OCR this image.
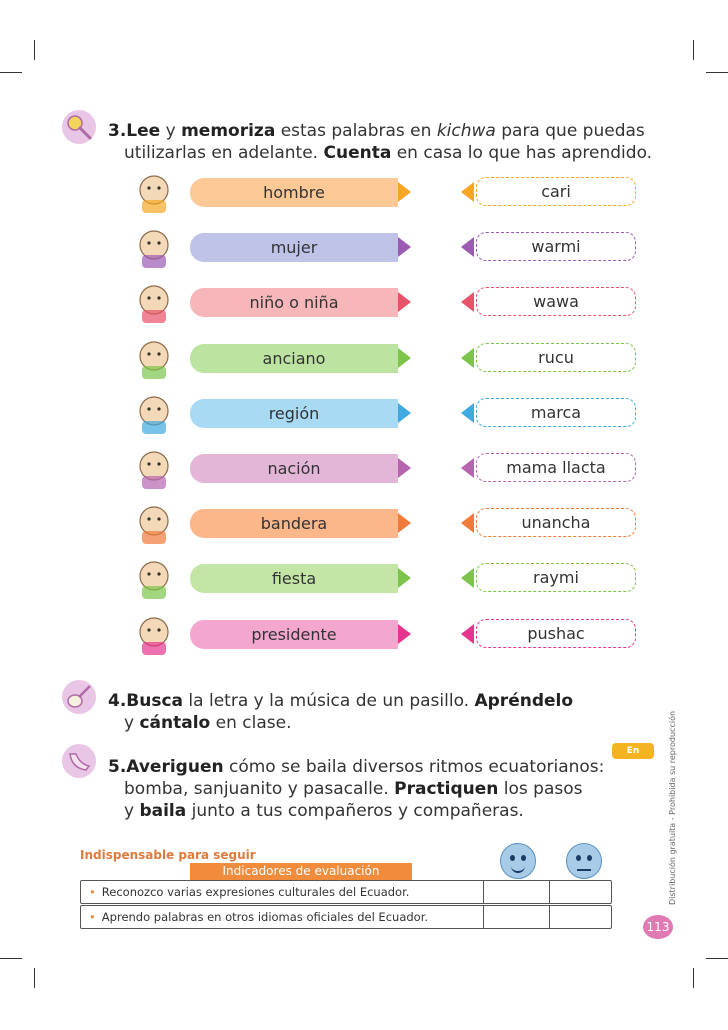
3.Lee y memoriza estas palabras en kichwa para que puedas
utilizarlas en adelante. Cuenta en casa lo que has aprendido.
hombre	cari
mujer	warmi
niño o niña	wawa
anciano	rucu
región	marca
nación	mama llacta
bandera	unancha
fiesta	raymi
presidente	pushac
4.Busca la letra y la música de un pasillo. Apréndelo
y cántalo en clase.
En pareja
5.Averiguen cómo se baila diversos ritmos ecuatorianos:
bomba, sanjuanito y pasacalle. Practiquen los pasos
y baila junto a tus compañeros y compañeras.
Indispensable para seguir
Indicadores de evaluación
• Reconozco varias expresiones culturales del Ecuador.
• Aprendo palabras en otros idiomas oficiales del Ecuador.
Distribución gratuita - Prohibida su reproducción
113
